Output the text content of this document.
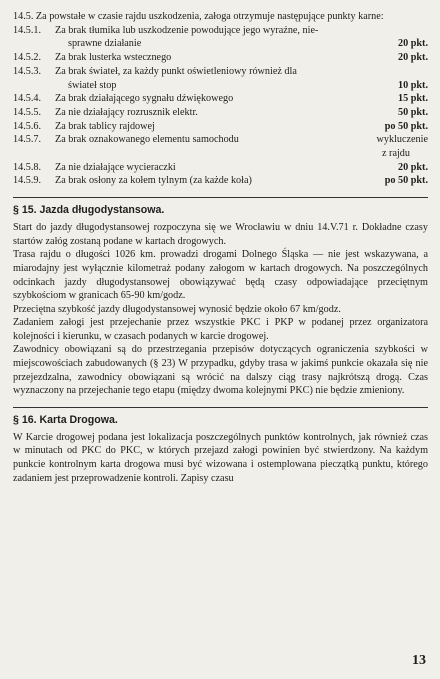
14.5. Za powstałe w czasie rajdu uszkodzenia, załoga otrzymuje następujące punkty karne:
14.5.1.	Za brak tłumika lub uszkodzenie powodujące jego wyraźne, nie-
sprawne działanie	20 pkt.
14.5.2.	Za brak lusterka wstecznego	20 pkt.
14.5.3.	Za brak świateł, za każdy punkt oświetleniowy również dla
świateł stop	10 pkt.
14.5.4.	Za brak działającego sygnału dźwiękowego	15 pkt.
14.5.5.	Za nie działający rozrusznik elektr.	50 pkt.
14.5.6.	Za brak tablicy rajdowej	po 50 pkt.
14.5.7.	Za brak oznakowanego elementu samochodu	wykluczenie
z rajdu
14.5.8.	Za nie działające wycieraczki	20 pkt.
14.5.9.	Za brak osłony za kołem tylnym (za każde koła)	po 50 pkt.
§ 15. Jazda długodystansowa.

Start do jazdy długodystansowej rozpoczyna się we Wrocławiu w dniu 14.V.71 r. Dokładne czasy startów załóg zostaną podane w kartach drogowych.

Trasa rajdu o długości 1026 km. prowadzi drogami Dolnego Śląska — nie jest wskazywana, a miarodajny jest wyłącznie kilometraż podany załogom w kartach drogowych. Na poszczególnych odcinkach jazdy długodystansowej obowiązywać będą czasy odpowiadające przeciętnym szybkościom w granicach 65-90 km/godz.

Przeciętna szybkość jazdy długodystansowej wynosić będzie około 67 km/godz.

Zadaniem załogi jest przejechanie przez wszystkie PKC i PKP w podanej przez organizatora kolejności i kierunku, w czasach podanych w karcie drogowej.

Zawodnicy obowiązani są do przestrzegania przepisów dotyczących ograniczenia szybkości w miejscowościach zabudowanych (§ 23) W przypadku, gdyby trasa w jakimś punkcie okazała się nie przejezdzalna, zawodnicy obowiązani są wrócić na dalszy ciąg trasy najkrótszą drogą. Czas wyznaczony na przejechanie tego etapu (między dwoma kolejnymi PKC) nie będzie zmieniony.

§ 16. Karta Drogowa.

W Karcie drogowej podana jest lokalizacja poszczególnych punktów kontrolnych, jak również czas w minutach od PKC do PKC, w których przejazd załogi powinien być stwierdzony. Na każdym punkcie kontrolnym karta drogowa musi być wizowana i ostemplowana pieczątką punktu, którego zadaniem jest przeprowadzenie kontroli. Zapisy czasu

13
